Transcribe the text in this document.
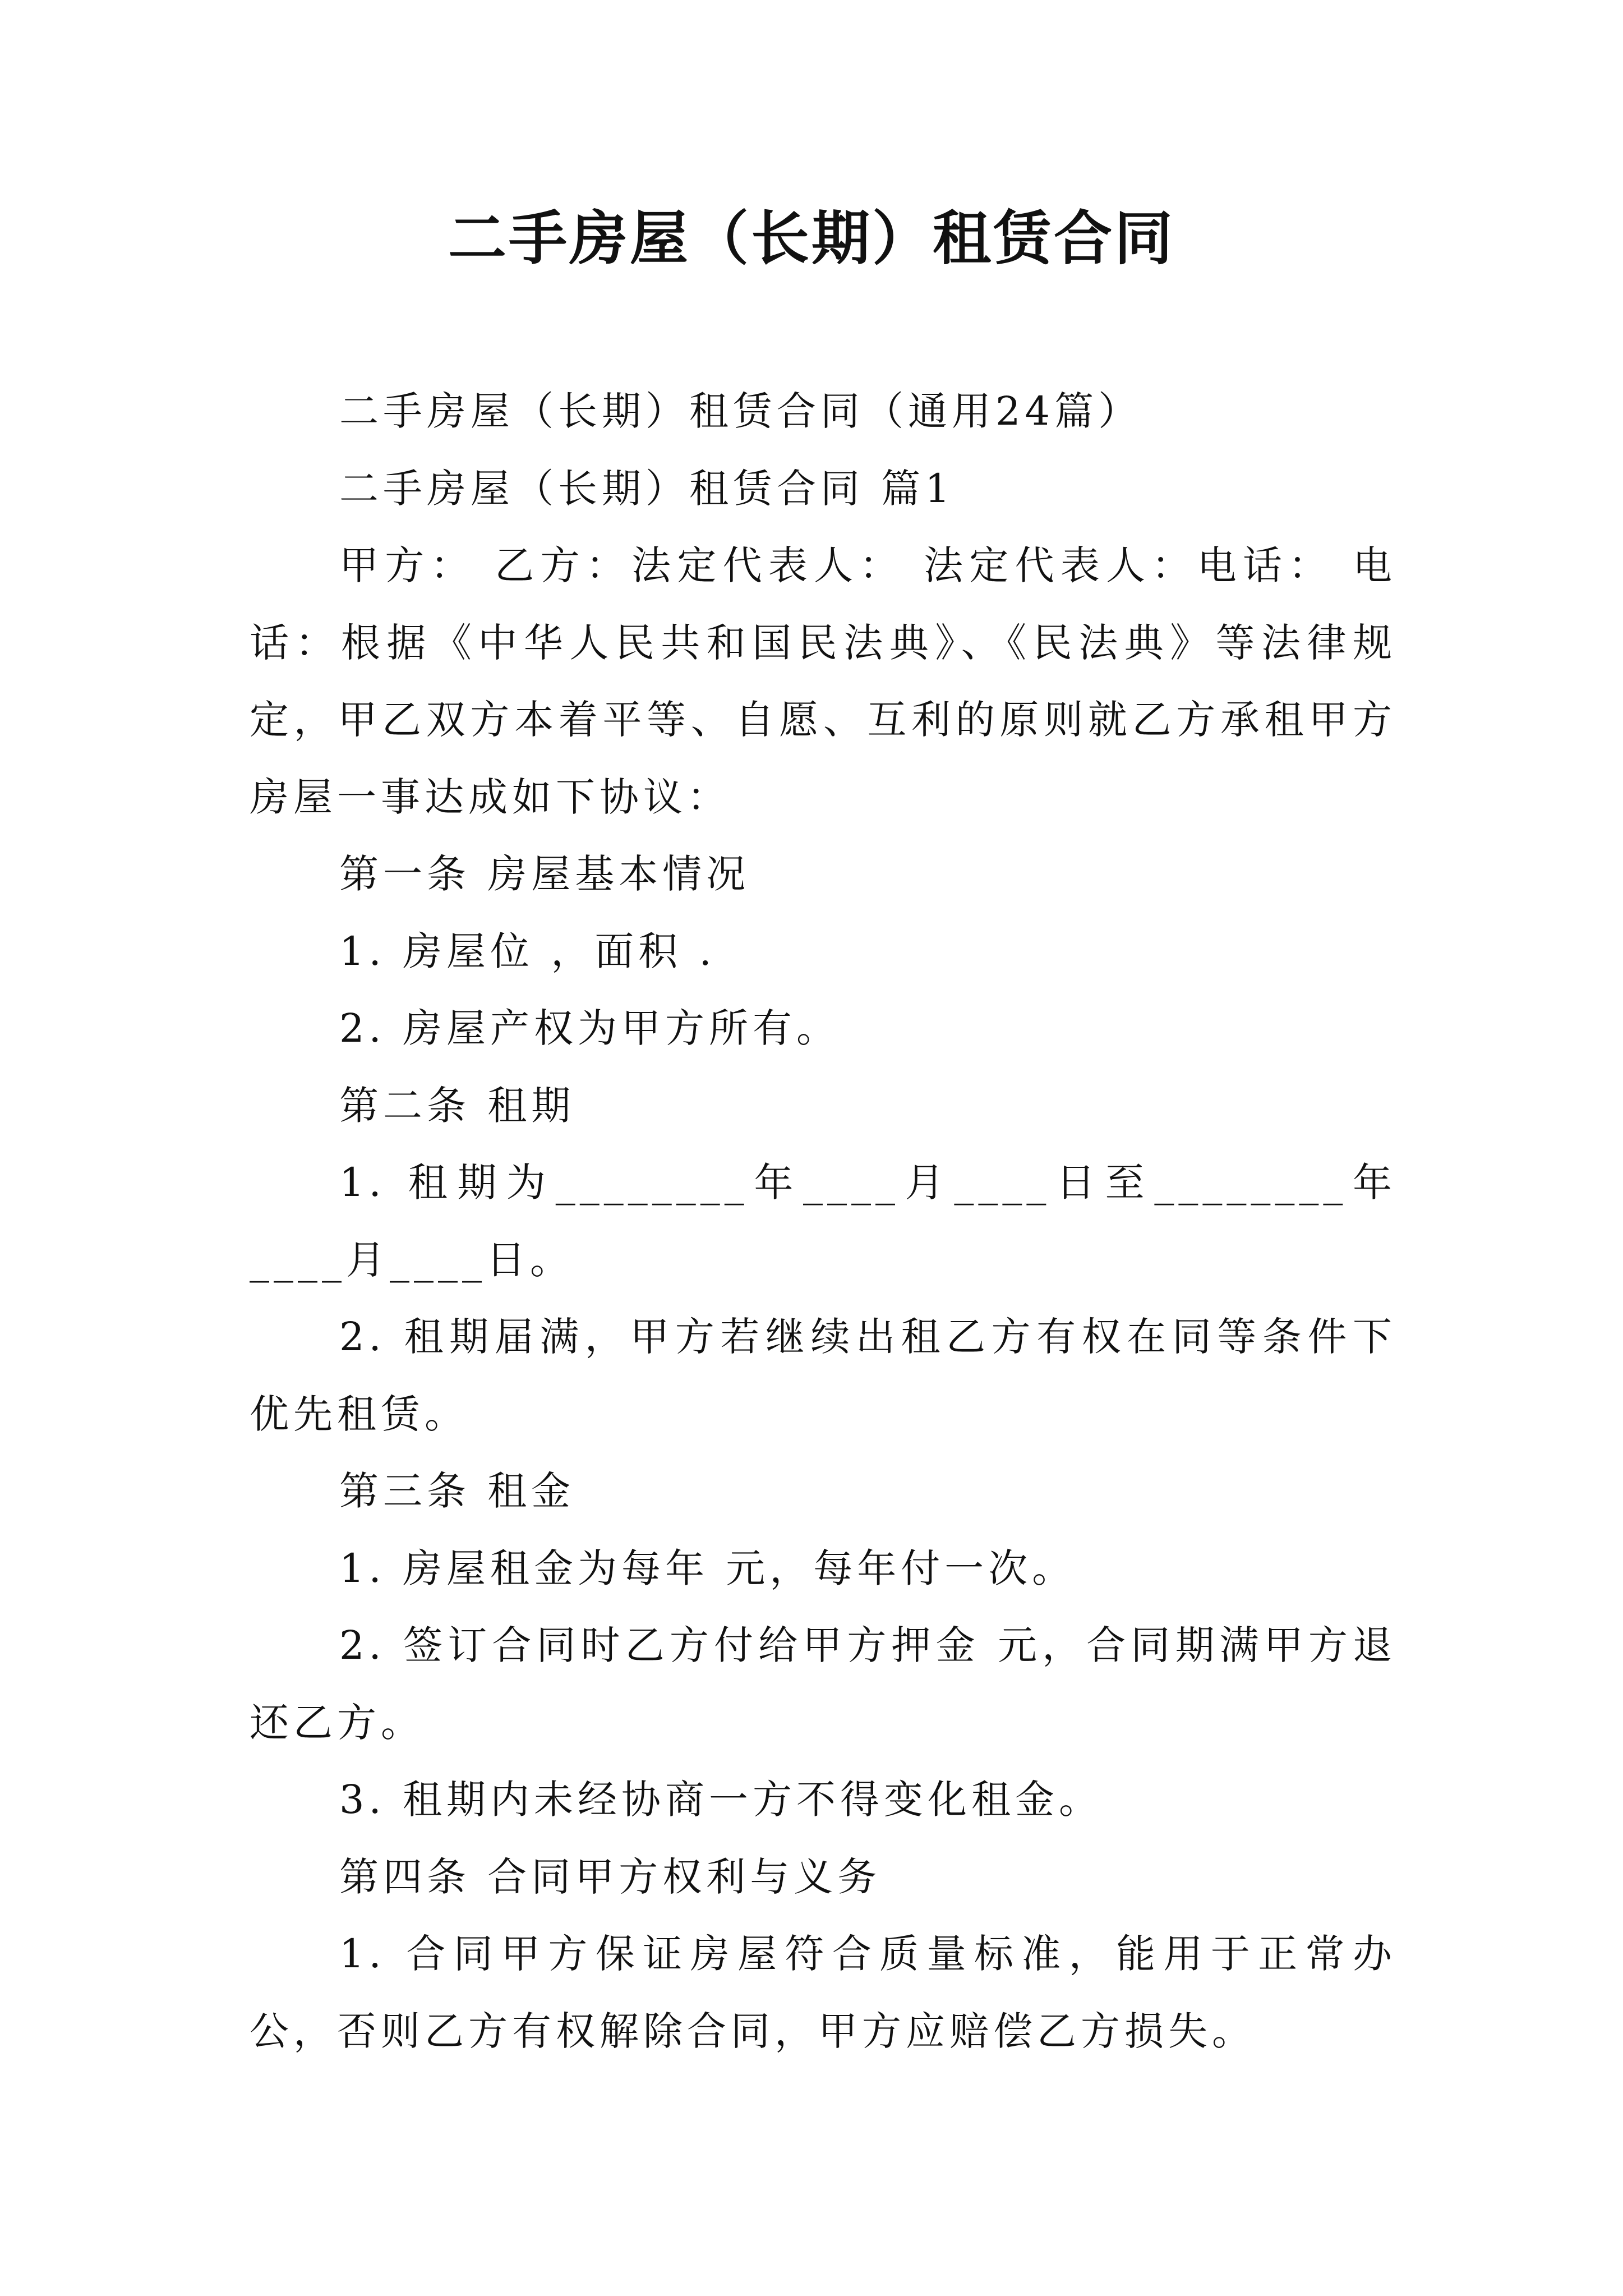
二手房屋（长期）租赁合同

二手房屋（长期）租赁合同（通用24篇）

二手房屋（长期）租赁合同 篇1

甲方： 乙方：法定代表人： 法定代表人：电话： 电话：根据《中华人民共和国民法典》、《民法典》等法律规定，甲乙双方本着平等、自愿、互利的原则就乙方承租甲方房屋一事达成如下协议：

第一条 房屋基本情况

1. 房屋位 ，面积 .

2. 房屋产权为甲方所有。

第二条 租期

1. 租期为________年____月____日至________年____月____日。

2. 租期届满，甲方若继续出租乙方有权在同等条件下优先租赁。

第三条 租金

1. 房屋租金为每年 元，每年付一次。

2. 签订合同时乙方付给甲方押金 元，合同期满甲方退还乙方。

3. 租期内未经协商一方不得变化租金。

第四条 合同甲方权利与义务

1. 合同甲方保证房屋符合质量标准，能用于正常办公，否则乙方有权解除合同，甲方应赔偿乙方损失。
